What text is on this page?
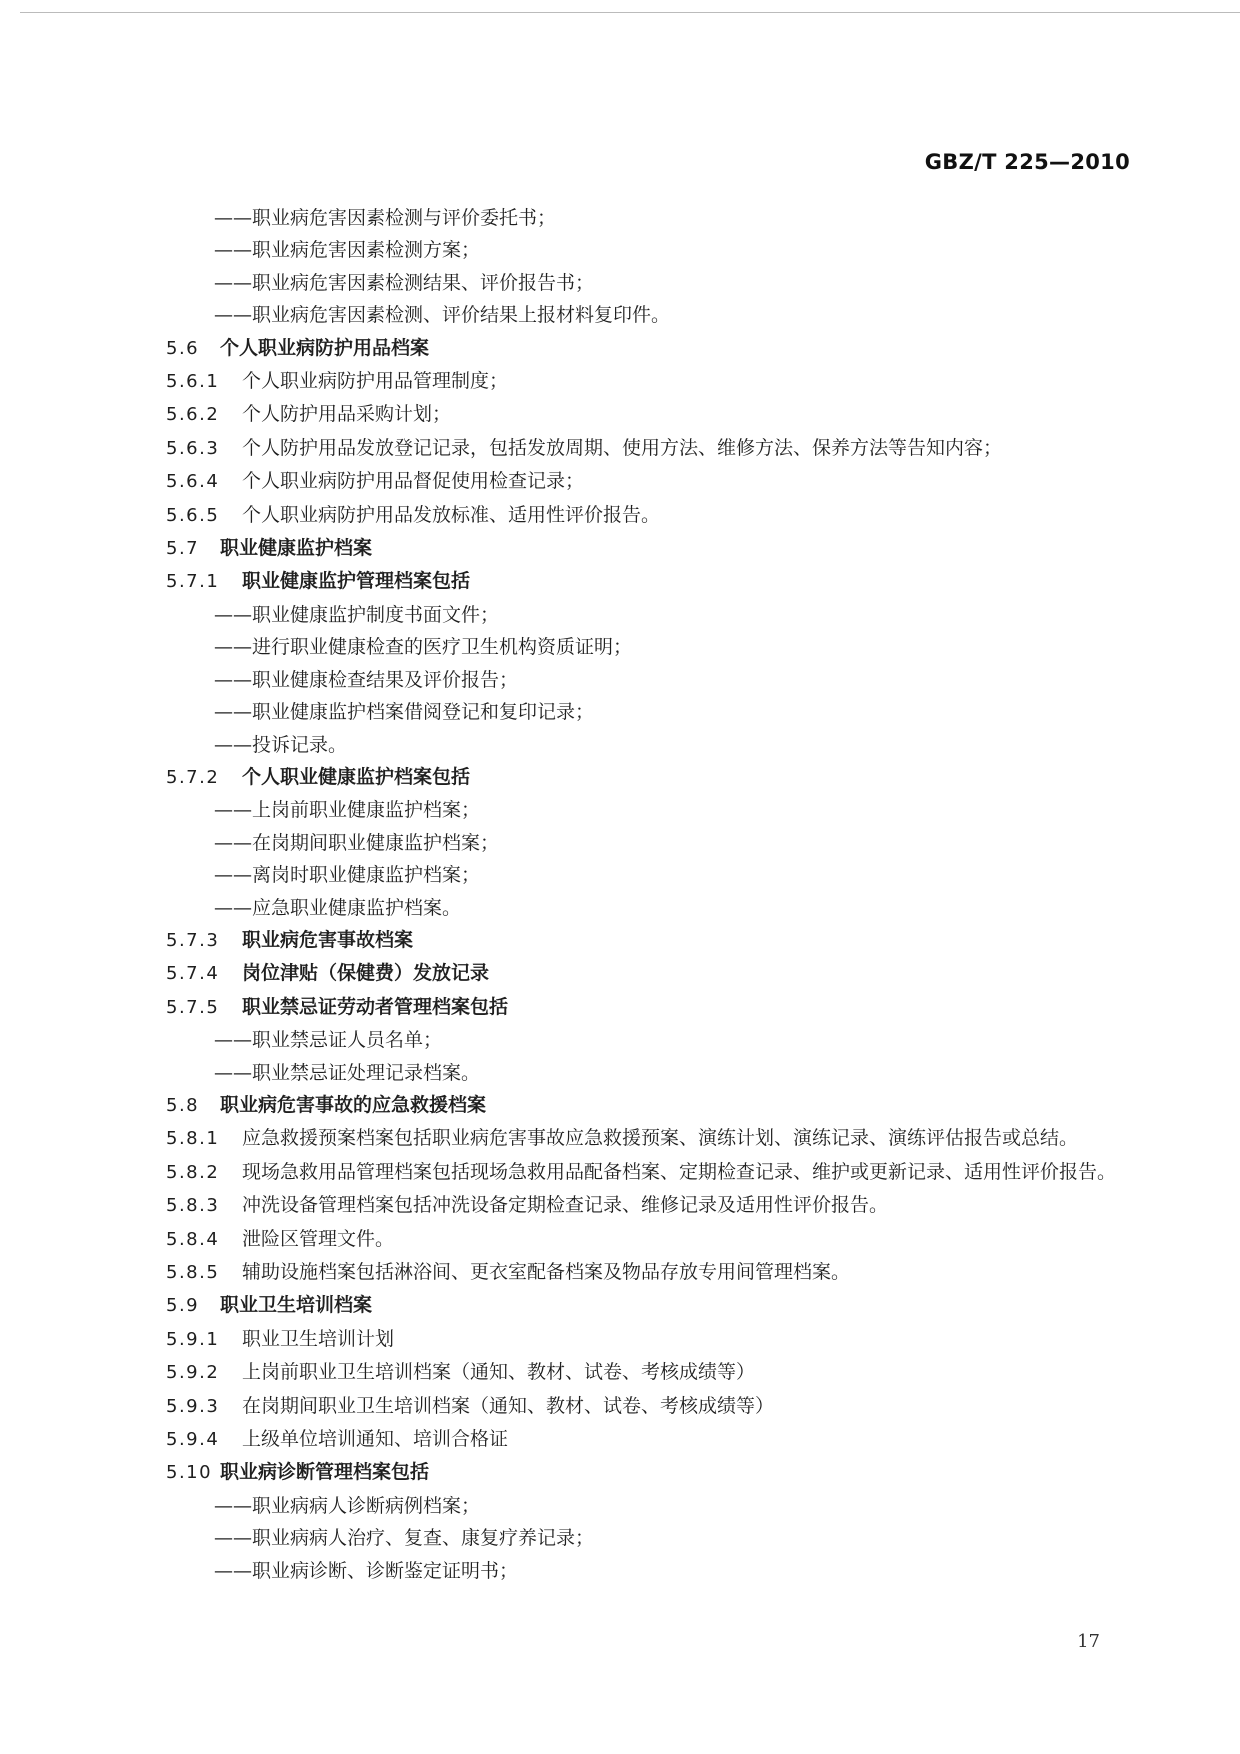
GBZ/T 225—2010
——职业病危害因素检测与评价委托书；
——职业病危害因素检测方案；
——职业病危害因素检测结果、评价报告书；
——职业病危害因素检测、评价结果上报材料复印件。
5.6 个人职业病防护用品档案
5.6.1 个人职业病防护用品管理制度；
5.6.2 个人防护用品采购计划；
5.6.3 个人防护用品发放登记记录，包括发放周期、使用方法、维修方法、保养方法等告知内容；
5.6.4 个人职业病防护用品督促使用检查记录；
5.6.5 个人职业病防护用品发放标准、适用性评价报告。
5.7 职业健康监护档案
5.7.1 职业健康监护管理档案包括
——职业健康监护制度书面文件；
——进行职业健康检查的医疗卫生机构资质证明；
——职业健康检查结果及评价报告；
——职业健康监护档案借阅登记和复印记录；
——投诉记录。
5.7.2 个人职业健康监护档案包括
——上岗前职业健康监护档案；
——在岗期间职业健康监护档案；
——离岗时职业健康监护档案；
——应急职业健康监护档案。
5.7.3 职业病危害事故档案
5.7.4 岗位津贴（保健费）发放记录
5.7.5 职业禁忌证劳动者管理档案包括
——职业禁忌证人员名单；
——职业禁忌证处理记录档案。
5.8 职业病危害事故的应急救援档案
5.8.1 应急救援预案档案包括职业病危害事故应急救援预案、演练计划、演练记录、演练评估报告或总结。
5.8.2 现场急救用品管理档案包括现场急救用品配备档案、定期检查记录、维护或更新记录、适用性评价报告。
5.8.3 冲洗设备管理档案包括冲洗设备定期检查记录、维修记录及适用性评价报告。
5.8.4 泄险区管理文件。
5.8.5 辅助设施档案包括淋浴间、更衣室配备档案及物品存放专用间管理档案。
5.9 职业卫生培训档案
5.9.1 职业卫生培训计划
5.9.2 上岗前职业卫生培训档案（通知、教材、试卷、考核成绩等）
5.9.3 在岗期间职业卫生培训档案（通知、教材、试卷、考核成绩等）
5.9.4 上级单位培训通知、培训合格证
5.10 职业病诊断管理档案包括
——职业病病人诊断病例档案；
——职业病病人治疗、复查、康复疗养记录；
——职业病诊断、诊断鉴定证明书；
17
